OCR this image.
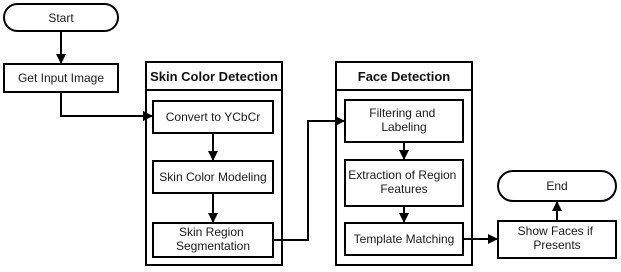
Skin Color Detection	Face Detection
Start
Get Input Image
Convert to YCbCr
Skin Color Modeling
Skin Region Segmentation
Filtering and Labeling
Extraction of Region Features
Template Matching
Show Faces if Presents
End
